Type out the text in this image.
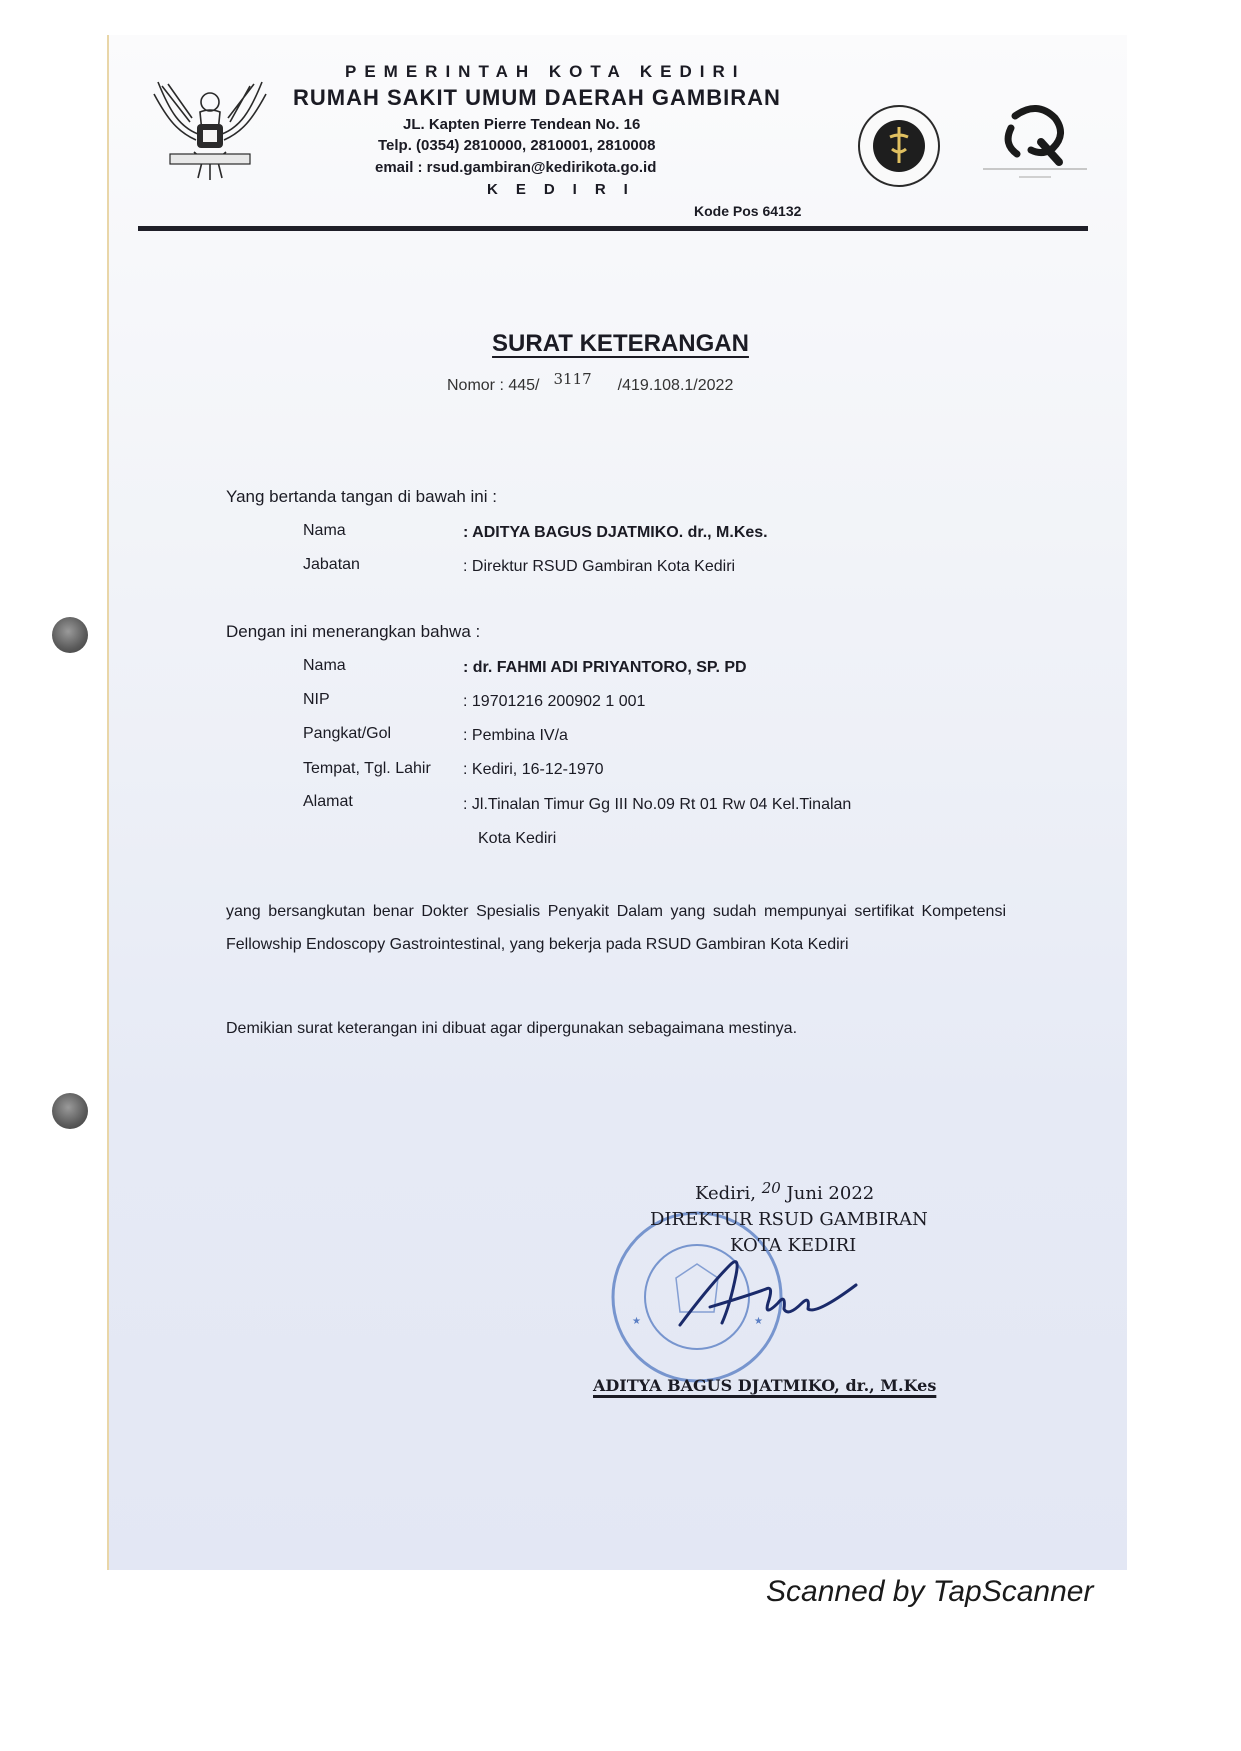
PEMERINTAH KOTA KEDIRI
RUMAH SAKIT UMUM DAERAH GAMBIRAN
JL. Kapten Pierre Tendean No. 16
Telp. (0354) 2810000, 2810001, 2810008
email : rsud.gambiran@kedirikota.go.id
KEDIRI
Kode Pos 64132
SURAT KETERANGAN
Nomor : 445/ 3117 /419.108.1/2022
Yang bertanda tangan di bawah ini :
Nama	: ADITYA BAGUS DJATMIKO. dr., M.Kes.
Jabatan	: Direktur RSUD Gambiran Kota Kediri
Dengan ini menerangkan bahwa :
Nama	: dr. FAHMI ADI PRIYANTORO, SP. PD
NIP	: 19701216 200902 1 001
Pangkat/Gol	: Pembina IV/a
Tempat, Tgl. Lahir : Kediri, 16-12-1970
Alamat	: Jl.Tinalan Timur Gg III No.09 Rt 01 Rw 04 Kel.Tinalan
Kota Kediri
yang bersangkutan benar Dokter Spesialis Penyakit Dalam yang sudah mempunyai sertifikat Kompetensi Fellowship Endoscopy Gastrointestinal, yang bekerja pada RSUD Gambiran Kota Kediri
Demikian surat keterangan ini dibuat agar dipergunakan sebagaimana mestinya.
★	★
Kediri, $^{20}$ Juni 2022
DIREKTUR RSUD GAMBIRAN
KOTA KEDIRI
ADITYA BAGUS DJATMIKO, dr., M.Kes
Scanned by TapScanner
